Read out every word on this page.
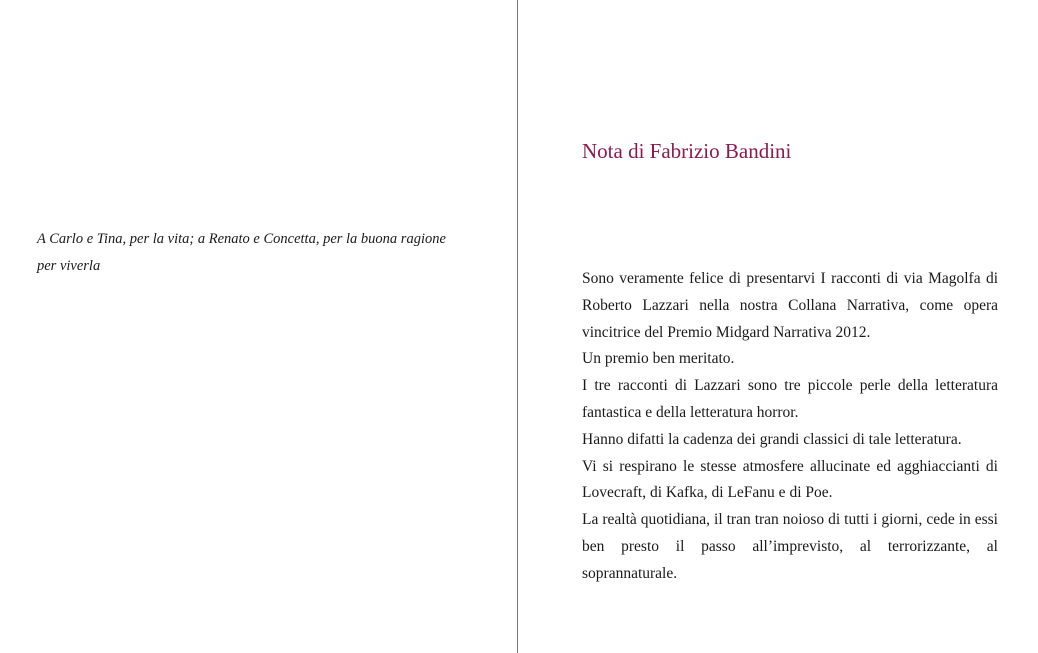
A Carlo e Tina, per la vita; a Renato e Concetta, per la buona ragione per viverla

Nota di Fabrizio Bandini

Sono veramente felice di presentarvi I racconti di via Magolfa di Roberto Lazzari nella nostra Collana Narrativa, come opera vincitrice del Premio Midgard Narrativa 2012.

Un premio ben meritato.

I tre racconti di Lazzari sono tre piccole perle della letteratura fantastica e della letteratura horror.

Hanno difatti la cadenza dei grandi classici di tale letteratura.

Vi si respirano le stesse atmosfere allucinate ed agghiaccianti di Lovecraft, di Kafka, di LeFanu e di Poe.

La realtà quotidiana, il tran tran noioso di tutti i giorni, cede in essi ben presto il passo all’imprevisto, al terrorizzante, al soprannaturale.
